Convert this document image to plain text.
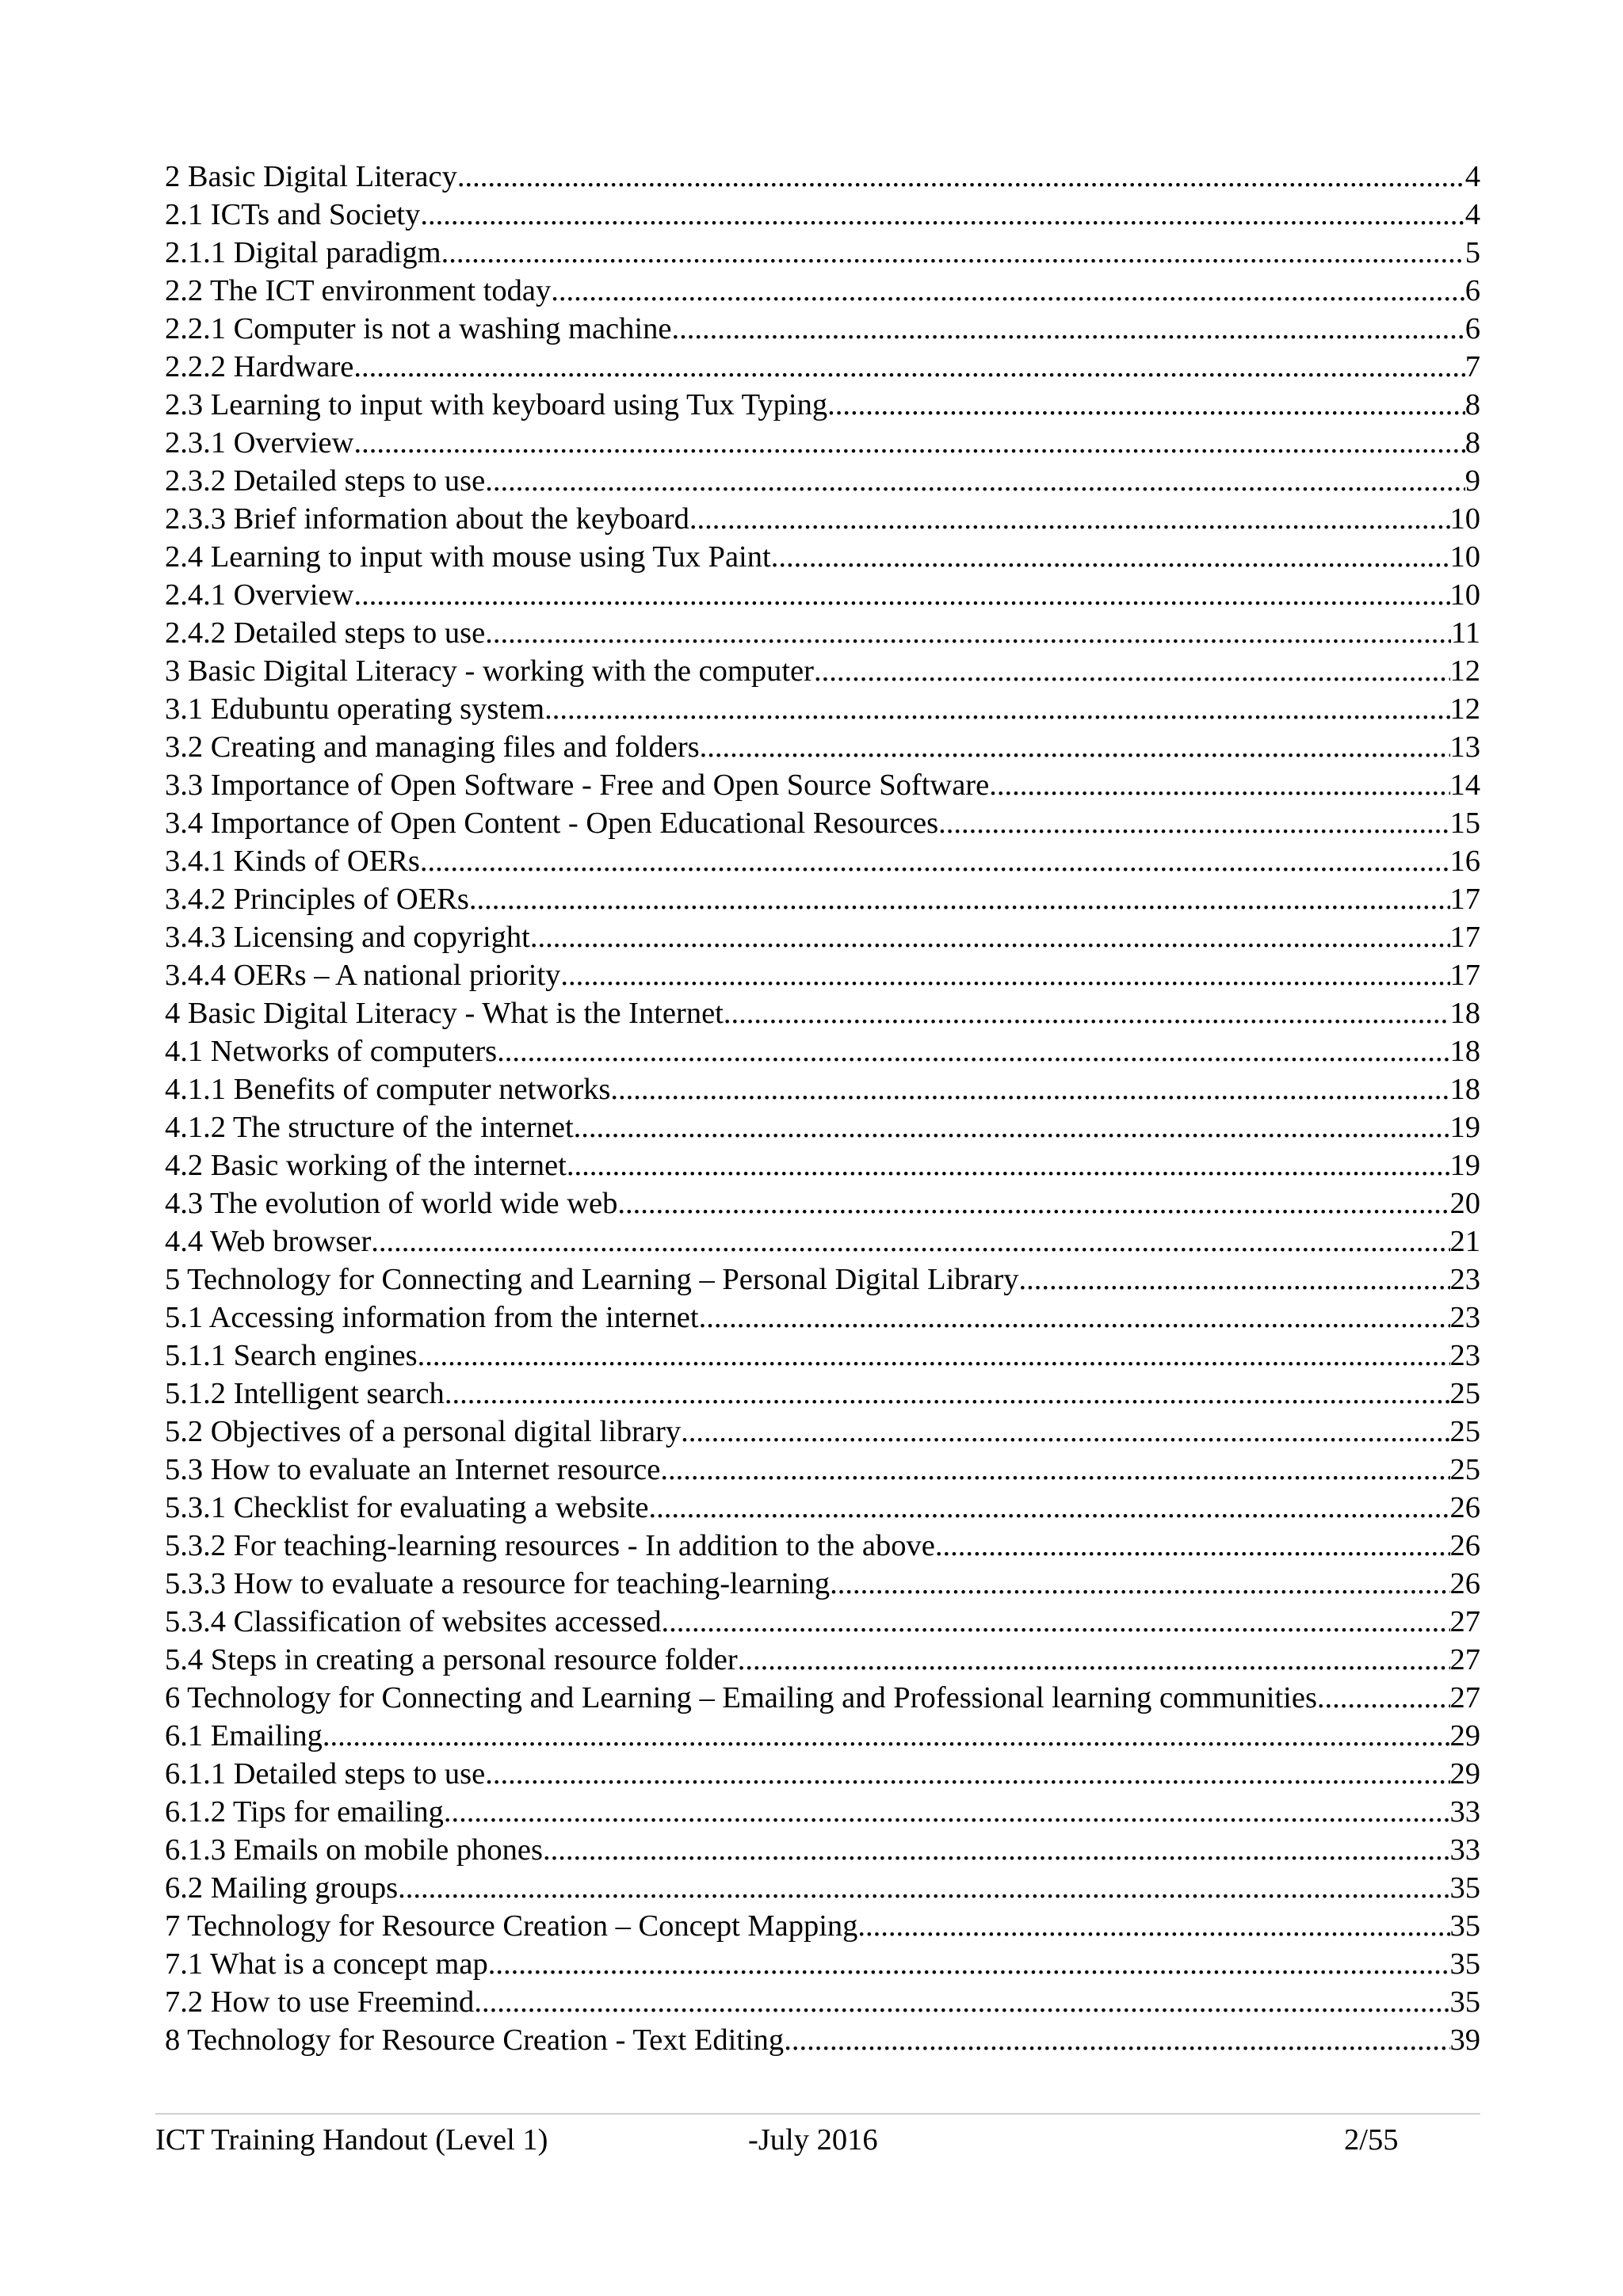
2 Basic Digital Literacy .....	4
2.1 ICTs and Society .....	4
2.1.1 Digital paradigm .....	5
2.2 The ICT environment today .....	6
2.2.1 Computer is not a washing machine .....	6
2.2.2 Hardware .....	7
2.3 Learning to input with keyboard using Tux Typing .....	8
2.3.1 Overview .....	8
2.3.2 Detailed steps to use .....	9
2.3.3 Brief information about the keyboard .....	10
2.4 Learning to input with mouse using Tux Paint .....	10
2.4.1 Overview .....	10
2.4.2 Detailed steps to use .....	11
3 Basic Digital Literacy - working with the computer .....	12
3.1 Edubuntu operating system .....	12
3.2 Creating and managing files and folders .....	13
3.3 Importance of Open Software - Free and Open Source Software .....	14
3.4 Importance of Open Content - Open Educational Resources .....	15
3.4.1 Kinds of OERs .....	16
3.4.2 Principles of OERs .....	17
3.4.3 Licensing and copyright .....	17
3.4.4 OERs – A national priority .....	17
4 Basic Digital Literacy - What is the Internet .....	18
4.1 Networks of computers .....	18
4.1.1 Benefits of computer networks .....	18
4.1.2 The structure of the internet .....	19
4.2 Basic working of the internet .....	19
4.3 The evolution of world wide web .....	20
4.4 Web browser .....	21
5 Technology for Connecting and Learning – Personal Digital Library .....	23
5.1 Accessing information from the internet .....	23
5.1.1 Search engines .....	23
5.1.2 Intelligent search .....	25
5.2 Objectives of a personal digital library .....	25
5.3 How to evaluate an Internet resource .....	25
5.3.1 Checklist for evaluating a website .....	26
5.3.2 For teaching-learning resources - In addition to the above .....	26
5.3.3 How to evaluate a resource for teaching-learning .....	26
5.3.4 Classification of websites accessed .....	27
5.4 Steps in creating a personal resource folder .....	27
6 Technology for Connecting and Learning – Emailing and Professional learning communities .....	27
6.1 Emailing .....	29
6.1.1 Detailed steps to use .....	29
6.1.2 Tips for emailing .....	33
6.1.3 Emails on mobile phones .....	33
6.2 Mailing groups .....	35
7 Technology for Resource Creation – Concept Mapping .....	35
7.1 What is a concept map .....	35
7.2 How to use Freemind .....	35
8 Technology for Resource Creation - Text Editing .....	39
ICT Training Handout (Level 1)	-July 2016	2/55
